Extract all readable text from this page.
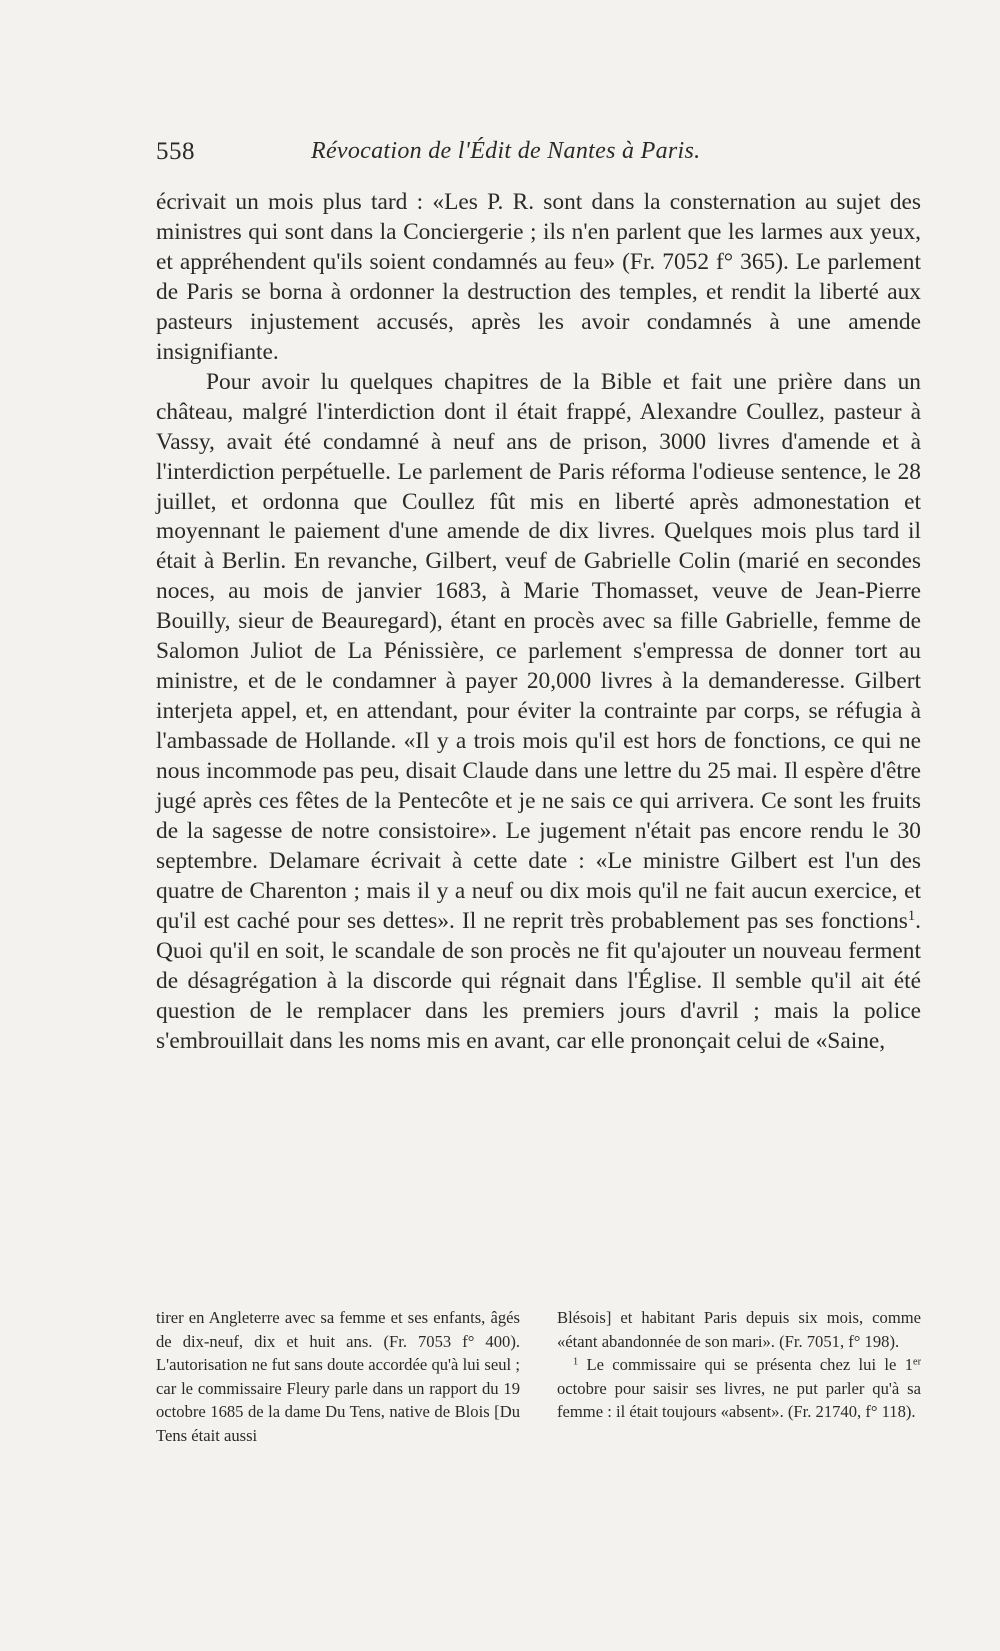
558	Révocation de l'Édit de Nantes à Paris.

écrivait un mois plus tard : «Les P. R. sont dans la consternation au sujet des ministres qui sont dans la Conciergerie ; ils n'en parlent que les larmes aux yeux, et appréhendent qu'ils soient condamnés au feu» (Fr. 7052 f° 365). Le parlement de Paris se borna à ordonner la destruction des temples, et rendit la liberté aux pasteurs injustement accusés, après les avoir condamnés à une amende insignifiante.

Pour avoir lu quelques chapitres de la Bible et fait une prière dans un château, malgré l'interdiction dont il était frappé, Alexandre Coullez, pasteur à Vassy, avait été condamné à neuf ans de prison, 3000 livres d'amende et à l'interdiction perpétuelle. Le parlement de Paris réforma l'odieuse sentence, le 28 juillet, et ordonna que Coullez fût mis en liberté après admonestation et moyennant le paiement d'une amende de dix livres. Quelques mois plus tard il était à Berlin. En revanche, Gilbert, veuf de Gabrielle Colin (marié en secondes noces, au mois de janvier 1683, à Marie Thomasset, veuve de Jean-Pierre Bouilly, sieur de Beauregard), étant en procès avec sa fille Gabrielle, femme de Salomon Juliot de La Pénissière, ce parlement s'empressa de donner tort au ministre, et de le condamner à payer 20,000 livres à la demanderesse. Gilbert interjeta appel, et, en attendant, pour éviter la contrainte par corps, se réfugia à l'ambassade de Hollande. «Il y a trois mois qu'il est hors de fonctions, ce qui ne nous incommode pas peu, disait Claude dans une lettre du 25 mai. Il espère d'être jugé après ces fêtes de la Pentecôte et je ne sais ce qui arrivera. Ce sont les fruits de la sagesse de notre consistoire». Le jugement n'était pas encore rendu le 30 septembre. Delamare écrivait à cette date : «Le ministre Gilbert est l'un des quatre de Charenton ; mais il y a neuf ou dix mois qu'il ne fait aucun exercice, et qu'il est caché pour ses dettes». Il ne reprit très probablement pas ses fonctions$^1$. Quoi qu'il en soit, le scandale de son procès ne fit qu'ajouter un nouveau ferment de désagrégation à la discorde qui régnait dans l'Église. Il semble qu'il ait été question de le remplacer dans les premiers jours d'avril ; mais la police s'embrouillait dans les noms mis en avant, car elle prononçait celui de «Saine,

tirer en Angleterre avec sa femme et ses enfants, âgés de dix-neuf, dix et huit ans. (Fr. 7053 f° 400). L'autorisation ne fut sans doute accordée qu'à lui seul ; car le commissaire Fleury parle dans un rapport du 19 octobre 1685 de la dame Du Tens, native de Blois [Du Tens était aussi

Blésois] et habitant Paris depuis six mois, comme «étant abandonnée de son mari». (Fr. 7051, f° 198).

$^1$ Le commissaire qui se présenta chez lui le 1er octobre pour saisir ses livres, ne put parler qu'à sa femme : il était toujours «absent». (Fr. 21740, f° 118).
